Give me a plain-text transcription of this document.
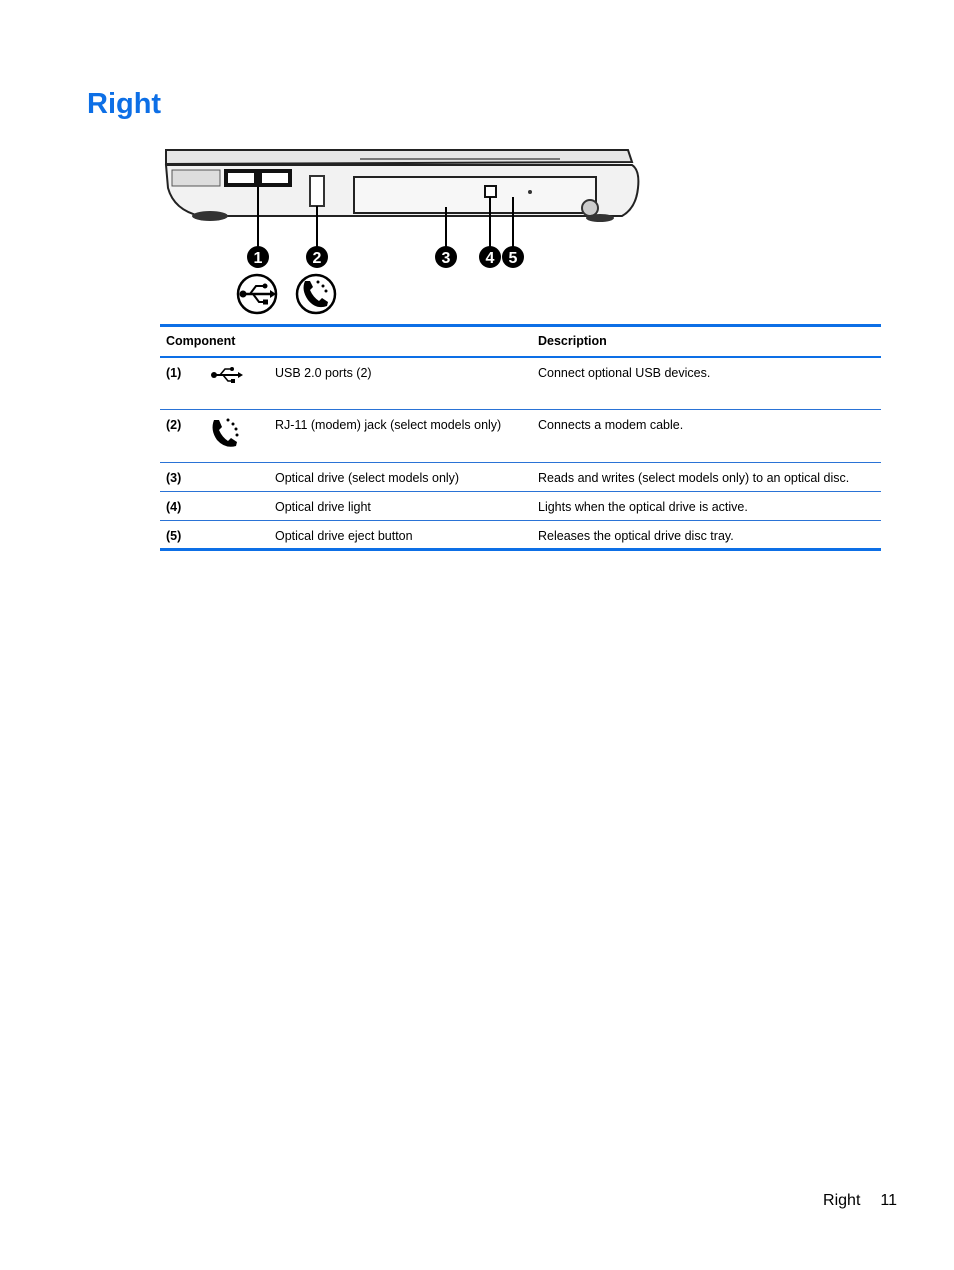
Right
1	2	3 4 5
Component			Description
(1)		USB 2.0 ports (2)	Connect optional USB devices.
(2)		RJ-11 (modem) jack (select models only)	Connects a modem cable.
(3)		Optical drive (select models only)	Reads and writes (select models only) to an optical disc.
(4)		Optical drive light	Lights when the optical drive is active.
(5)		Optical drive eject button	Releases the optical drive disc tray.
Right 11
